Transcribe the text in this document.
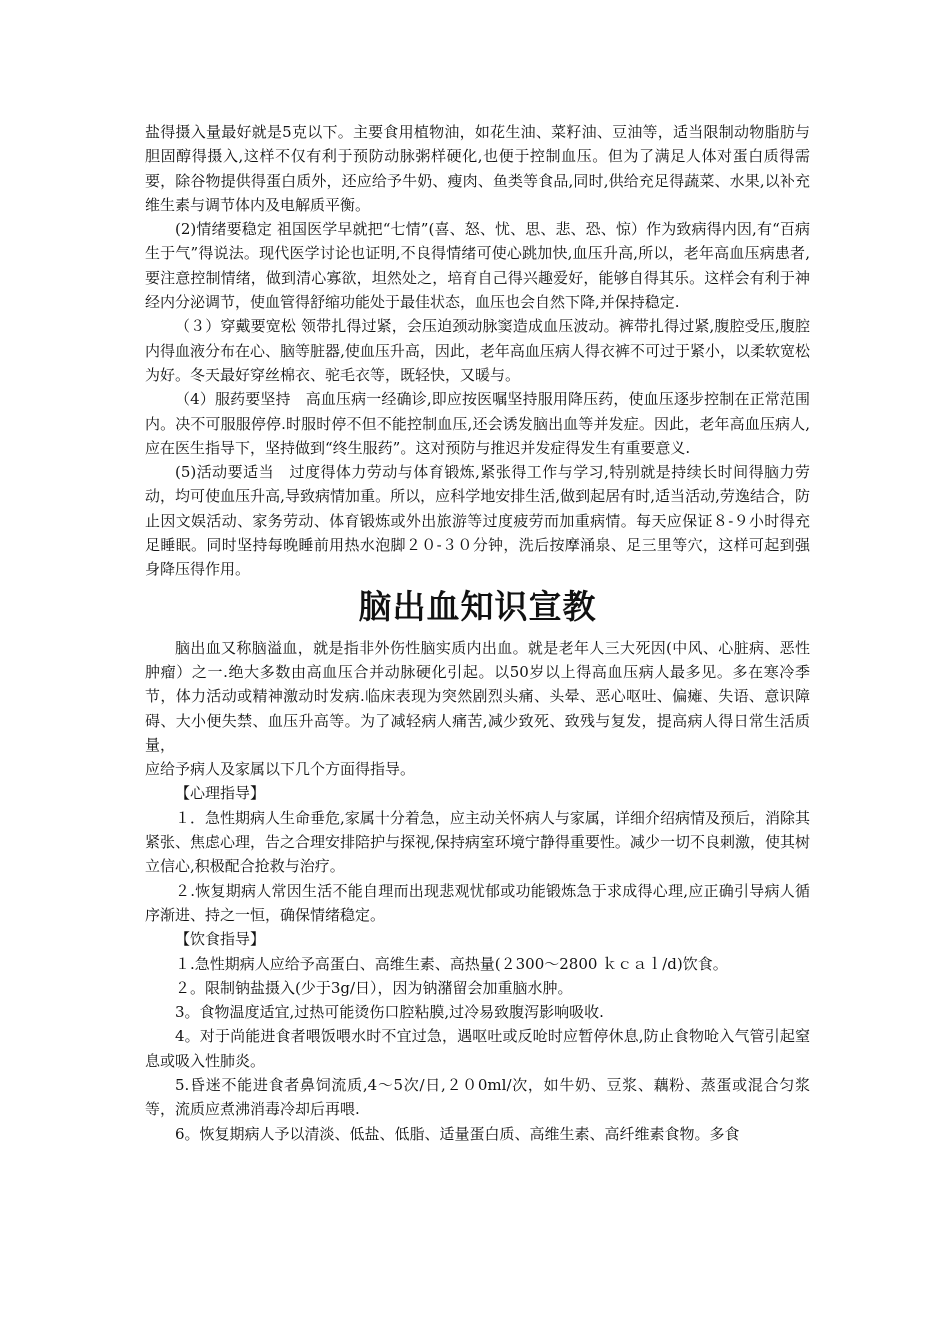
盐得摄入量最好就是5克以下。主要食用植物油，如花生油、菜籽油、豆油等，适当限制动物脂肪与胆固醇得摄入,这样不仅有利于预防动脉粥样硬化,也便于控制血压。但为了满足人体对蛋白质得需要，除谷物提供得蛋白质外，还应给予牛奶、瘦肉、鱼类等食品,同时,供给充足得蔬菜、水果,以补充维生素与调节体内及电解质平衡。

(2)情绪要稳定 祖国医学早就把“七情”(喜、怒、忧、思、悲、恐、惊）作为致病得内因,有“百病生于气”得说法。现代医学讨论也证明,不良得情绪可使心跳加快,血压升高,所以，老年高血压病患者,要注意控制情绪，做到清心寡欲，坦然处之，培育自己得兴趣爱好，能够自得其乐。这样会有利于神经内分泌调节，使血管得舒缩功能处于最佳状态，血压也会自然下降,并保持稳定.

（３）穿戴要宽松 领带扎得过紧，会压迫颈动脉窦造成血压波动。裤带扎得过紧,腹腔受压,腹腔内得血液分布在心、脑等脏器,使血压升高，因此，老年高血压病人得衣裤不可过于紧小，以柔软宽松为好。冬天最好穿丝棉衣、驼毛衣等，既轻快，又暖与。

（4）服药要坚持　高血压病一经确诊,即应按医嘱坚持服用降压药，使血压逐步控制在正常范围内。决不可服服停停.时服时停不但不能控制血压,还会诱发脑出血等并发症。因此，老年高血压病人,应在医生指导下，坚持做到“终生服药”。这对预防与推迟并发症得发生有重要意义.

(5)活动要适当　过度得体力劳动与体育锻炼,紧张得工作与学习,特别就是持续长时间得脑力劳动，均可使血压升高,导致病情加重。所以，应科学地安排生活,做到起居有时,适当活动,劳逸结合，防止因文娱活动、家务劳动、体育锻炼或外出旅游等过度疲劳而加重病情。每天应保证８-９小时得充足睡眠。同时坚持每晚睡前用热水泡脚２０-３０分钟，洗后按摩涌泉、足三里等穴，这样可起到强身降压得作用。

脑出血知识宣教

脑出血又称脑溢血，就是指非外伤性脑实质内出血。就是老年人三大死因(中风、心脏病、恶性肿瘤）之一.绝大多数由高血压合并动脉硬化引起。以50岁以上得高血压病人最多见。多在寒冷季节，体力活动或精神激动时发病.临床表现为突然剧烈头痛、头晕、恶心呕吐、偏瘫、失语、意识障碍、大小便失禁、血压升高等。为了减轻病人痛苦,减少致死、致残与复发，提高病人得日常生活质量，

应给予病人及家属以下几个方面得指导。

【心理指导】

１．急性期病人生命垂危,家属十分着急，应主动关怀病人与家属，详细介绍病情及预后，消除其紧张、焦虑心理，告之合理安排陪护与探视,保持病室环境宁静得重要性。减少一切不良刺激，使其树立信心,积极配合抢救与治疗。

２.恢复期病人常因生活不能自理而出现悲观忧郁或功能锻炼急于求成得心理,应正确引导病人循序渐进、持之一恒，确保情绪稳定。

【饮食指导】

１.急性期病人应给予高蛋白、高维生素、高热量(２300～2800 ｋｃａｌ/d)饮食。

２。限制钠盐摄入(少于3g/日），因为钠潴留会加重脑水肿。

3。食物温度适宜,过热可能烫伤口腔粘膜,过冷易致腹泻影响吸收.

4。对于尚能进食者喂饭喂水时不宜过急，遇呕吐或反呛时应暂停休息,防止食物呛入气管引起窒息或吸入性肺炎。

5.昏迷不能进食者鼻饲流质,4～5次/日,２０0ml/次，如牛奶、豆浆、藕粉、蒸蛋或混合匀浆等，流质应煮沸消毒冷却后再喂.

6。恢复期病人予以清淡、低盐、低脂、适量蛋白质、高维生素、高纤维素食物。多食
